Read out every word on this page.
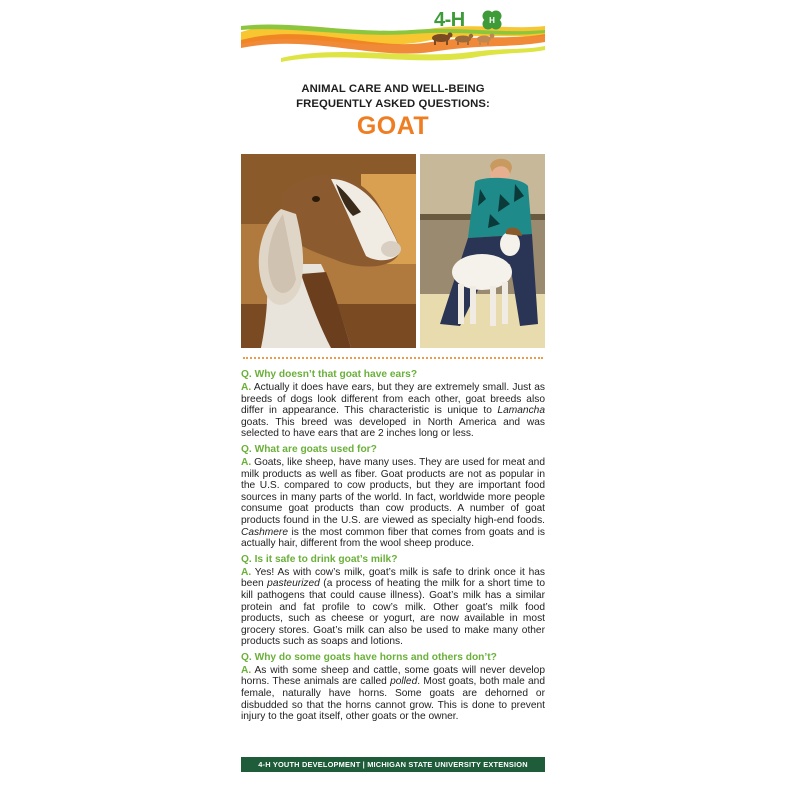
4-H	H
ANIMAL CARE AND WELL-BEING
FREQUENTLY ASKED QUESTIONS:
GOAT

Q. Why doesn’t that goat have ears?

A. Actually it does have ears, but they are extremely small. Just as breeds of dogs look different from each other, goat breeds also differ in appearance. This characteristic is unique to Lamancha goats. This breed was developed in North America and was selected to have ears that are 2 inches long or less.

Q. What are goats used for?

A. Goats, like sheep, have many uses. They are used for meat and milk products as well as fiber. Goat products are not as popular in the U.S. compared to cow products, but they are important food sources in many parts of the world. In fact, worldwide more people consume goat products than cow products. A number of goat products found in the U.S. are viewed as specialty high-end foods. Cashmere is the most common fiber that comes from goats and is actually hair, different from the wool sheep produce.

Q. Is it safe to drink goat’s milk?

A. Yes! As with cow’s milk, goat’s milk is safe to drink once it has been pasteurized (a process of heating the milk for a short time to kill pathogens that could cause illness). Goat’s milk has a similar protein and fat profile to cow’s milk. Other goat’s milk food products, such as cheese or yogurt, are now available in most grocery stores. Goat’s milk can also be used to make many other products such as soaps and lotions.

Q. Why do some goats have horns and others don’t?

A. As with some sheep and cattle, some goats will never develop horns. These animals are called polled. Most goats, both male and female, naturally have horns. Some goats are dehorned or disbudded so that the horns cannot grow. This is done to prevent injury to the goat itself, other goats or the owner.

4-H YOUTH DEVELOPMENT | MICHIGAN STATE UNIVERSITY EXTENSION
